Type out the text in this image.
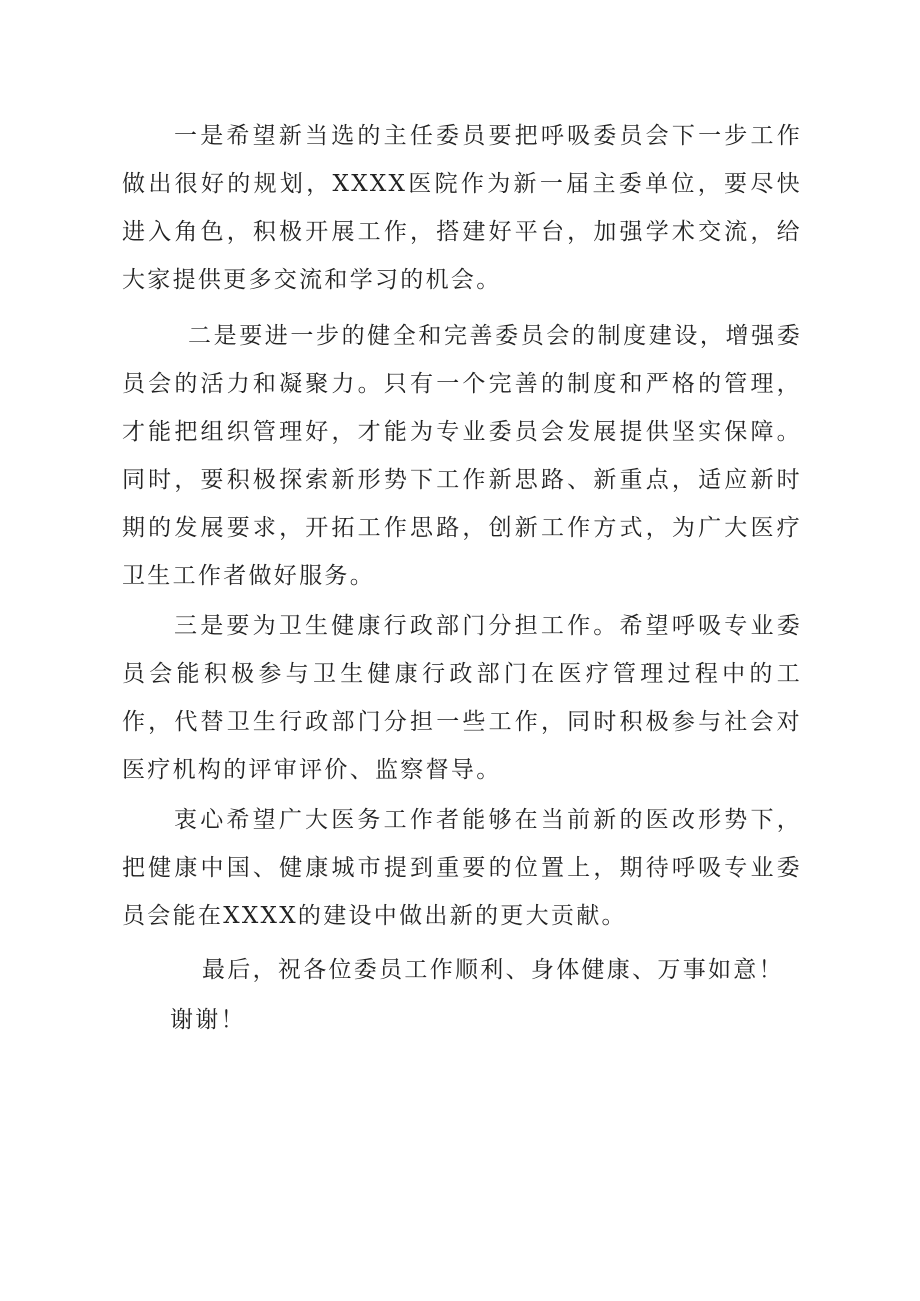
一是希望新当选的主任委员要把呼吸委员会下一步工作做出很好的规划，XXXX医院作为新一届主委单位，要尽快进入角色，积极开展工作，搭建好平台，加强学术交流，给大家提供更多交流和学习的机会。

二是要进一步的健全和完善委员会的制度建设，增强委员会的活力和凝聚力。只有一个完善的制度和严格的管理，才能把组织管理好，才能为专业委员会发展提供坚实保障。同时，要积极探索新形势下工作新思路、新重点，适应新时期的发展要求，开拓工作思路，创新工作方式，为广大医疗卫生工作者做好服务。

三是要为卫生健康行政部门分担工作。希望呼吸专业委员会能积极参与卫生健康行政部门在医疗管理过程中的工作，代替卫生行政部门分担一些工作，同时积极参与社会对医疗机构的评审评价、监察督导。

衷心希望广大医务工作者能够在当前新的医改形势下，把健康中国、健康城市提到重要的位置上，期待呼吸专业委员会能在XXXX的建设中做出新的更大贡献。

最后，祝各位委员工作顺利、身体健康、万事如意！

谢谢！
